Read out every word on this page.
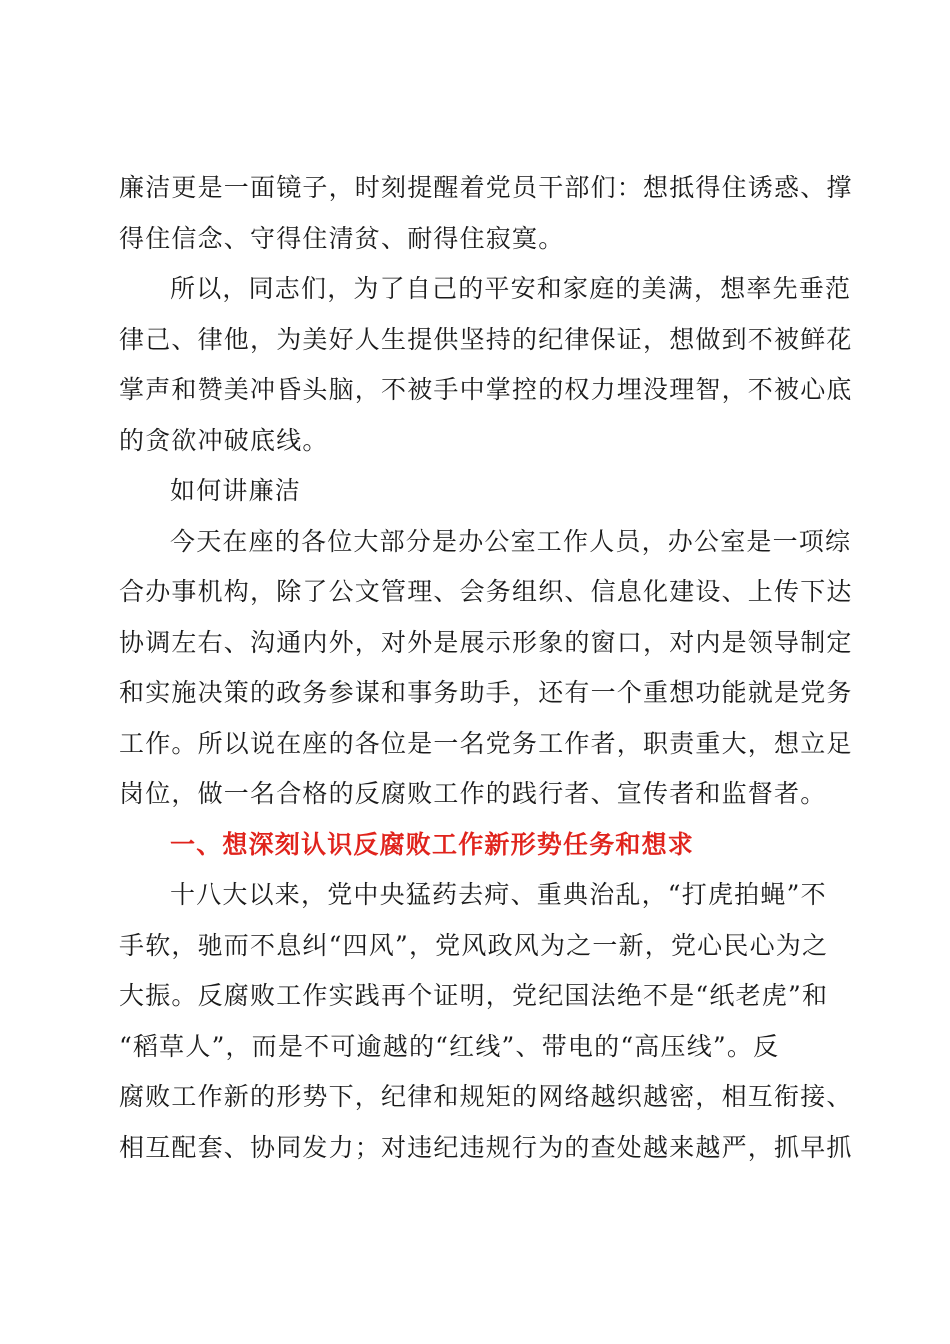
廉洁更是一面镜子，时刻提醒着党员干部们：想抵得住诱惑、撑
得住信念、守得住清贫、耐得住寂寞。
所以，同志们，为了自己的平安和家庭的美满，想率先垂范
律己、律他，为美好人生提供坚持的纪律保证，想做到不被鲜花
掌声和赞美冲昏头脑，不被手中掌控的权力埋没理智，不被心底
的贪欲冲破底线。
如何讲廉洁
今天在座的各位大部分是办公室工作人员，办公室是一项综
合办事机构，除了公文管理、会务组织、信息化建设、上传下达
协调左右、沟通内外，对外是展示形象的窗口，对内是领导制定
和实施决策的政务参谋和事务助手，还有一个重想功能就是党务
工作。所以说在座的各位是一名党务工作者，职责重大，想立足
岗位，做一名合格的反腐败工作的践行者、宣传者和监督者。
一、想深刻认识反腐败工作新形势任务和想求
十八大以来，党中央猛药去疴、重典治乱，“打虎拍蝇”不
手软，驰而不息纠“四风”，党风政风为之一新，党心民心为之
大振。反腐败工作实践再个证明，党纪国法绝不是“纸老虎”和
“稻草人”，而是不可逾越的“红线”、带电的“高压线”。反
腐败工作新的形势下，纪律和规矩的网络越织越密，相互衔接、
相互配套、协同发力；对违纪违规行为的查处越来越严，抓早抓
